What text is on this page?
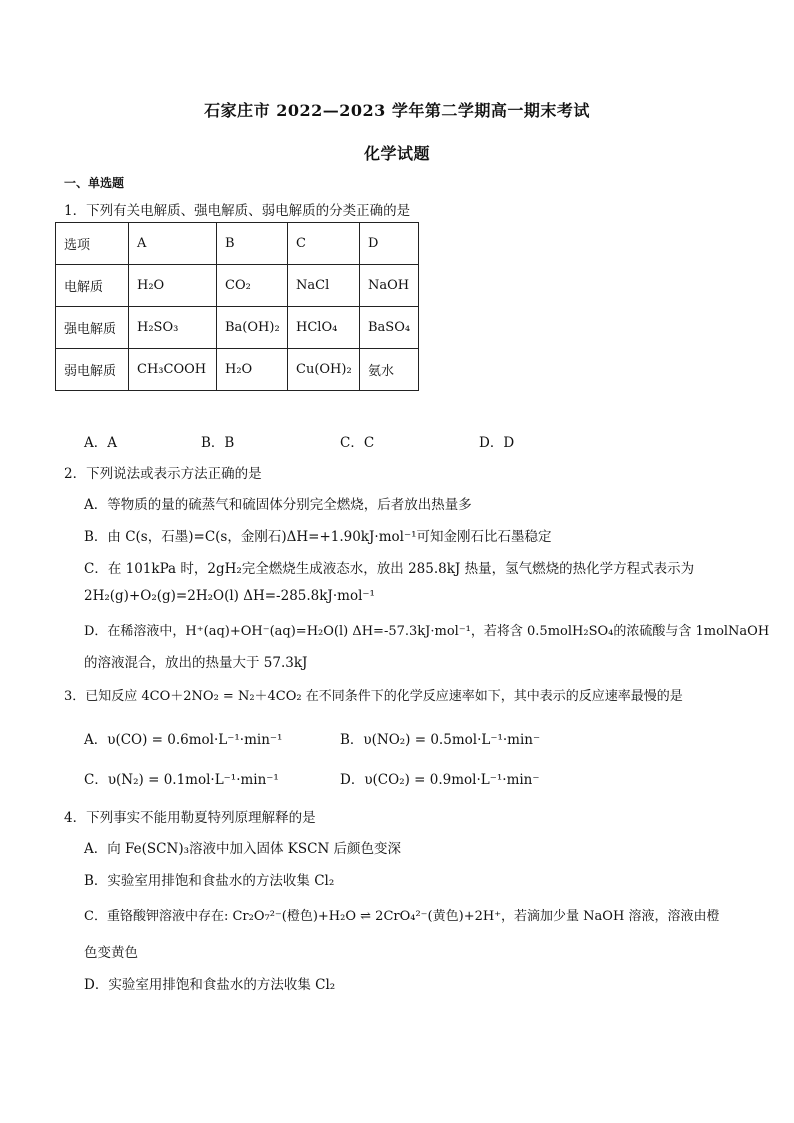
石家庄市 2022—2023 学年第二学期高一期末考试
化学试题
一、单选题
1．下列有关电解质、强电解质、弱电解质的分类正确的是
选项	A	B	C	D
电解质	H₂O	CO₂	NaCl	NaOH
强电解质	H₂SO₃	Ba(OH)₂	HClO₄	BaSO₄
弱电解质	CH₃COOH	H₂O	Cu(OH)₂	氨水
A．A	B．B	C．C	D．D
2．下列说法或表示方法正确的是
A．等物质的量的硫蒸气和硫固体分别完全燃烧，后者放出热量多
B．由 C(s，石墨)=C(s，金刚石)ΔH=+1.90kJ·mol⁻¹可知金刚石比石墨稳定
C．在 101kPa 时，2gH₂完全燃烧生成液态水，放出 285.8kJ 热量，氢气燃烧的热化学方程式表示为
2H₂(g)+O₂(g)=2H₂O(l) ΔH=-285.8kJ·mol⁻¹
D．在稀溶液中，H⁺(aq)+OH⁻(aq)=H₂O(l) ΔH=-57.3kJ·mol⁻¹，若将含 0.5molH₂SO₄的浓硫酸与含 1molNaOH
的溶液混合，放出的热量大于 57.3kJ
3．已知反应 4CO＋2NO₂ = N₂＋4CO₂ 在不同条件下的化学反应速率如下，其中表示的反应速率最慢的是
A．υ(CO) = 0.6mol·L⁻¹·min⁻¹	B．υ(NO₂) = 0.5mol·L⁻¹·min⁻
C．υ(N₂) = 0.1mol·L⁻¹·min⁻¹	D．υ(CO₂) = 0.9mol·L⁻¹·min⁻
4．下列事实不能用勒夏特列原理解释的是
A．向 Fe(SCN)₃溶液中加入固体 KSCN 后颜色变深
B．实验室用排饱和食盐水的方法收集 Cl₂
C．重铬酸钾溶液中存在: Cr₂O₇²⁻(橙色)+H₂O ⇌ 2CrO₄²⁻(黄色)+2H⁺，若滴加少量 NaOH 溶液，溶液由橙
色变黄色
D．实验室用排饱和食盐水的方法收集 Cl₂
